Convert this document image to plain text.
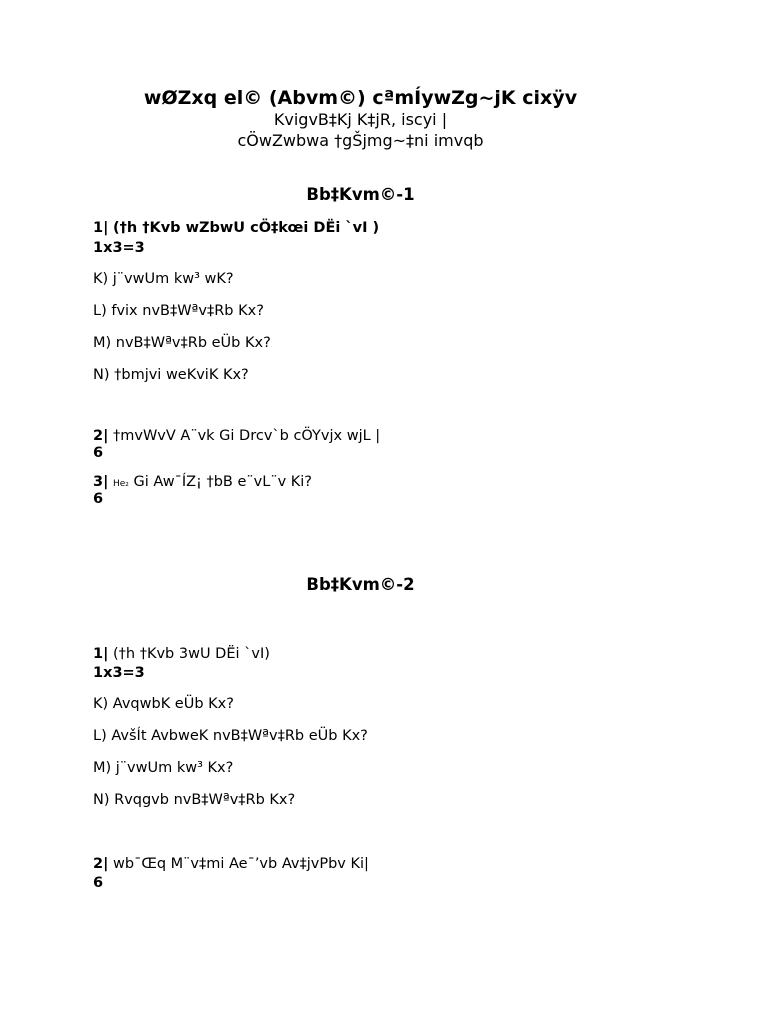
wØZxq el© (Abvm©) cªmÍywZg~jK cixÿv
KvigvB‡Kj K‡jR, iscyi |
cÖwZwbwa †gŠjmg~‡ni imvqb
Bb‡Kvm©-1
1| (†h †Kvb wZbwU cÖ‡kœi DËi `vI )
1x3=3
K) j¨vwUm kw³ wK?
L) fvix nvB‡Wªv‡Rb Kx?
M) nvB‡Wªv‡Rb eÜb Kx?
N) †bmjvi weKviK Kx?
2| †mvWvV A¨vk Gi Drcv`b cÖYvjx wjL |
6
3| He₂ Gi Aw¯ÍZ¡ †bB e¨vL¨v Ki?
6
Bb‡Kvm©-2
1| (†h †Kvb 3wU DËi `vI)
1x3=3
K) AvqwbK eÜb Kx?
L) AvšÍt AvbweK nvB‡Wªv‡Rb eÜb Kx?
M) j¨vwUm kw³ Kx?
N) Rvqgvb nvB‡Wªv‡Rb Kx?
2| wb¯Œq M¨v‡mi Ae¯’vb Av‡jvPbv Ki|
6
